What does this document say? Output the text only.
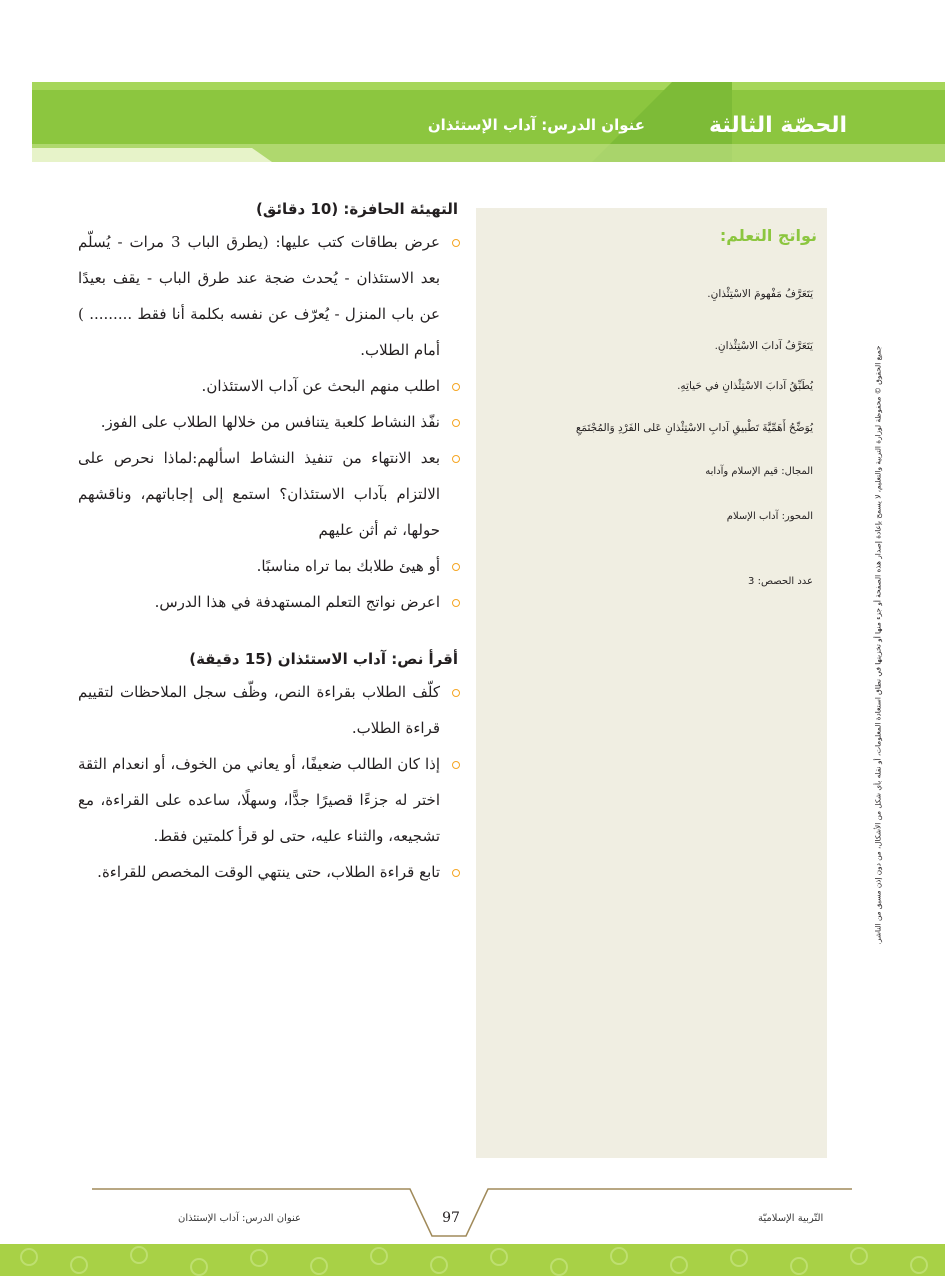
الحصّة الثالثة
عنوان الدرس: آداب الإستئذان
نواتج التعلم:
يَتَعَرَّفُ مَفْهومَ الاسْتِئْذانِ.
يَتَعَرَّفُ آدابَ الاسْتِئْذانِ.
يُطَبِّقُ آدابَ الاسْتِئْذانِ في حَياتِهِ.
يُوَضِّحُ أَهَمِّيَّةَ تَطْبيقِ آدابِ الاسْتِئْذانِ عَلى الفَرْدِ وَالمُجْتَمَعِ
المجال: قيم الإسلام وآدابه
المحور: آداب الإسلام
عدد الحصص: 3	جميع الحقوق © محفوظة لوزارة التربية والتعليم، لا يسمح بإعادة إصدار هذه الصفحة أو جزء منها أو تخزينها في نطاق استعادة المعلومات، أو نقله بأي شكل من الأشكال، من دون إذن مسبق من الناشر.
التهيئة الحافزة: (10 دقائق)
عرض بطاقات كتب عليها: (يطرق الباب 3 مرات - يُسلّم بعد الاستئذان - يُحدث ضجة عند طرق الباب - يقف بعيدًا عن باب المنزل - يُعرّف عن نفسه بكلمة أنا فقط ......... ) أمام الطلاب.
اطلب منهم البحث عن آداب الاستئذان.
نفّذ النشاط كلعبة يتنافس من خلالها الطلاب على الفوز.
بعد الانتهاء من تنفيذ النشاط اسألهم:لماذا نحرص على الالتزام بآداب الاستئذان؟ استمع إلى إجاباتهم، وناقشهم حولها، ثم أثن عليهم
أو هيئ طلابك بما تراه مناسبًا.
اعرض نواتج التعلم المستهدفة في هذا الدرس.
أقرأ نص: آداب الاستئذان (15 دقيقة)
كلّف الطلاب بقراءة النص، وظّف سجل الملاحظات لتقييم قراءة الطلاب.
إذا كان الطالب ضعيفًا، أو يعاني من الخوف، أو انعدام الثقة اختر له جزءًا قصيرًا جدًّا، وسهلًا، ساعده على القراءة، مع تشجيعه، والثناء عليه، حتى لو قرأ كلمتين فقط.
تابع قراءة الطلاب، حتى ينتهي الوقت المخصص للقراءة.
97	التّربية الإسلاميّة
عنوان الدرس: آداب الإستئذان
